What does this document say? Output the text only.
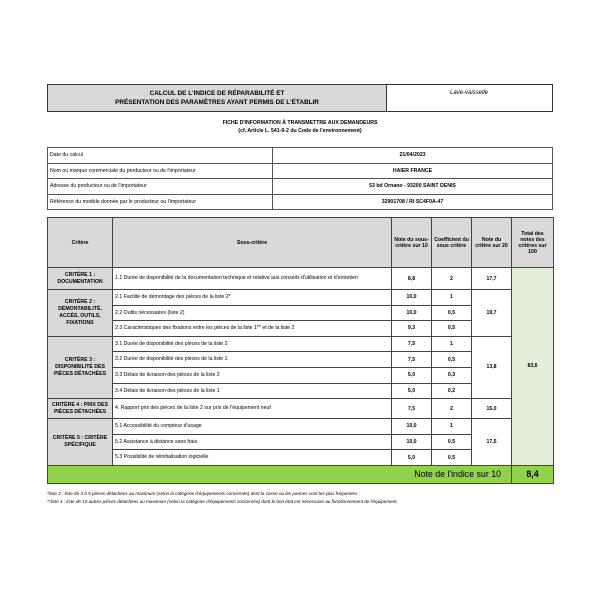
CALCUL DE L'INDICE DE RÉPARABILITÉ ET
PRÉSENTATION DES PARAMÈTRES AYANT PERMIS DE L'ÉTABLIR
Lave-vaisselle
FICHE D'INFORMATION À TRANSMETTRE AUX DEMANDEURS
(cf. Article L. 541-9-2 du Code de l'environnement)
Date du calcul	21/04/2023
Nom ou marque commerciale du producteur ou de l'importateur	HAIER FRANCE
Adresse du producteur ou de l'importateur	53 bd Ornano - 93200 SAINT DENIS
Référence du modèle donnée par le producteur ou l'importateur	32901708 / RI SC4F0A-47
Critère	Sous-critère	Note du sous-critère sur 10	Coefficient du sous critère	Note du critère sur 20	Total des notes des critères sur 100
CRITÈRE 1 : DOCUMENTATION	1.1 Durée de disponibilité de la documentation technique et relative aux conseils d'utilisation et d'entretien	8,8	2	17,7	83,6
CRITÈRE 2 : DÉMONTABILITÉ, ACCÈS, OUTILS, FIXATIONS	2.1 Facilité de démontage des pièces de la liste 2*	10,0	1	19,7	
	2.2 Outils nécessaires (liste 2)	10,0	0,5		
	2.3 Caractéristiques des fixations entre les pièces de la liste 1** et de la liste 2	9,3	0,5		
CRITÈRE 3 : DISPONIBILITÉ DES PIÈCES DÉTACHÉES	3.1 Durée de disponibilité des pièces de la liste 2	7,5	1	13,8	
	3.2 Durée de disponibilité des pièces de la liste 1	7,5	0,5		
	3.3 Délais de livraison des pièces de la liste 2	5,0	0,3		
	3.4 Délais de livraison des pièces de la liste 1	5,0	0,2		
CRITÈRE 4 : PRIX DES PIÈCES DÉTACHÉES	4. Rapport prix des pièces de la liste 2 sur prix de l'équipement neuf	7,5	2	15,0	
CRITÈRE 5 : CRITÈRE SPÉCIFIQUE	5.1 Accessibilité du compteur d'usage	10,0	1	17,5	
	5.2 Assistance à distance sans frais	10,0	0,5		
	5.3 Possibilité de réinitialisation logicielle	5,0	0,5		
Note de l'indice sur 10					8,4
*liste 2 : liste de 3 à 5 pièces détachées au maximum (selon la catégorie d'équipements concernée) dont la casse ou les pannes sont les plus fréquentes ;
**liste 1 : liste de 10 autres pièces détachées au maximum (selon la catégorie d'équipements concernée) dont le bon état est nécessaire au fonctionnement de l'équipement.
